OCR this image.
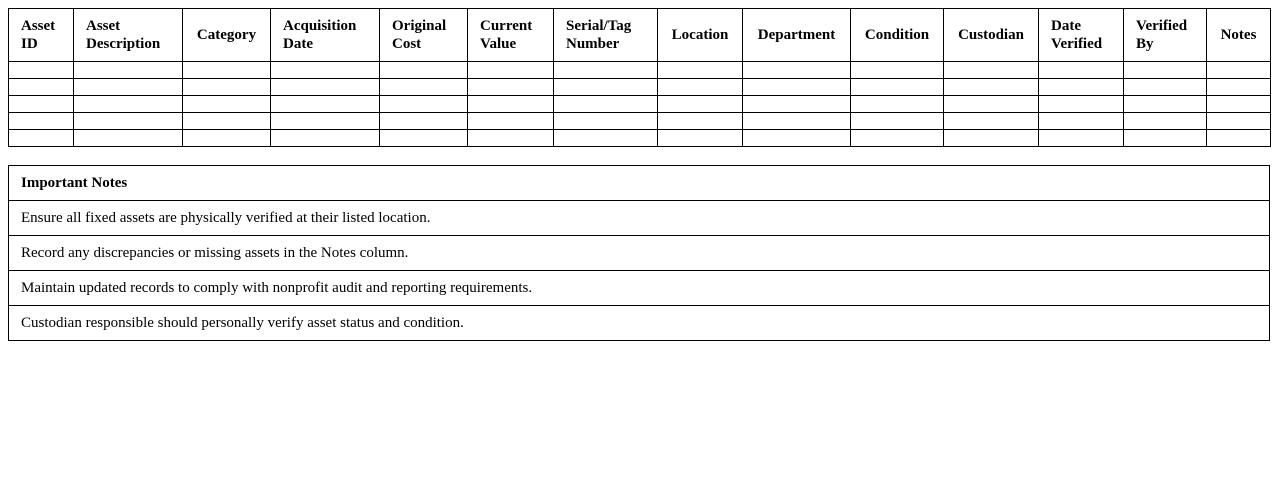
Asset ID	Asset Description	Category	Acquisition Date	Original Cost	Current Value	Serial/Tag Number	Location	Department	Condition	Custodian	Date Verified	Verified By	Notes

Important Notes
Ensure all fixed assets are physically verified at their listed location.
Record any discrepancies or missing assets in the Notes column.
Maintain updated records to comply with nonprofit audit and reporting requirements.
Custodian responsible should personally verify asset status and condition.
